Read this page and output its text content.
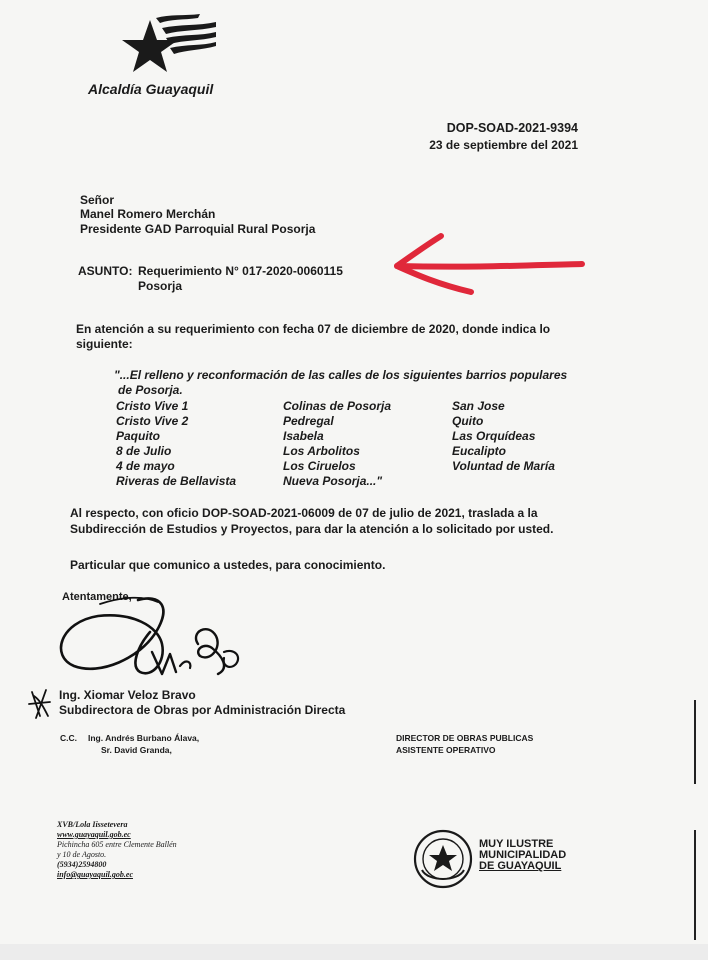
Alcaldía Guayaquil
DOP-SOAD-2021-9394
23 de septiembre del 2021
Señor
Manel Romero Merchán
Presidente GAD Parroquial Rural Posorja
ASUNTO: Requerimiento N° 017-2020-0060115
Posorja
En atención a su requerimiento con fecha 07 de diciembre de 2020, donde indica lo
siguiente:
"...El relleno y reconformación de las calles de los siguientes barrios populares
de Posorja.
Cristo Vive 1	Colinas de Posorja	San Jose
Cristo Vive 2	Pedregal	Quito
Paquito	Isabela	Las Orquídeas
8 de Julio	Los Arbolitos	Eucalipto
4 de mayo	Los Ciruelos	Voluntad de María
Riveras de Bellavista	Nueva Posorja..."
Al respecto, con oficio DOP-SOAD-2021-06009 de 07 de julio de 2021, traslada a la
Subdirección de Estudios y Proyectos, para dar la atención a lo solicitado por usted.
Particular que comunico a ustedes, para conocimiento.
Atentamente,
Ing. Xiomar Veloz Bravo
Subdirectora de Obras por Administración Directa
C.C. Ing. Andrés Burbano Álava,
Sr. David Granda,
DIRECTOR DE OBRAS PUBLICAS
ASISTENTE OPERATIVO
XVB/Lola Iissetevera
www.guayaquil.gob.ec
Pichincha 605 entre Clemente Ballén
y 10 de Agosto.
(5934)2594800
info@guayaquil.gob.ec
MUY ILUSTRE
MUNICIPALIDAD
DE GUAYAQUIL
